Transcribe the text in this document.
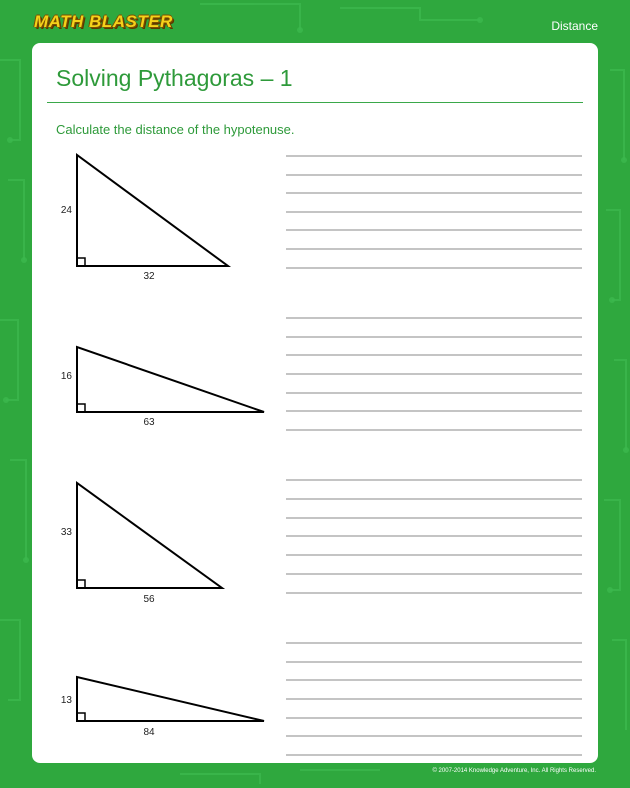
MATH BLASTER	Distance
Solving Pythagoras – 1
Calculate the distance of the hypotenuse.
24
32
16
63
33
56
13
84
© 2007-2014 Knowledge Adventure, Inc. All Rights Reserved.
